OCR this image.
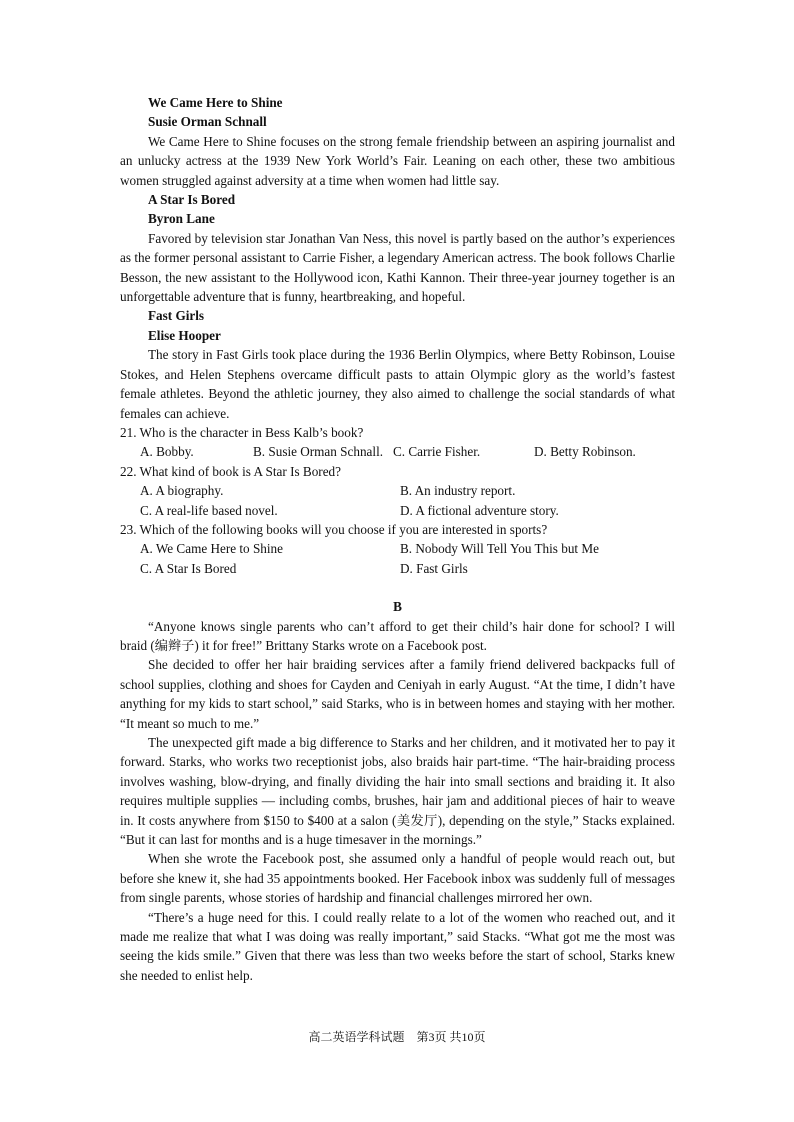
We Came Here to Shine
Susie Orman Schnall

We Came Here to Shine focuses on the strong female friendship between an aspiring journalist and an unlucky actress at the 1939 New York World’s Fair. Leaning on each other, these two ambitious women struggled against adversity at a time when women had little say.

A Star Is Bored
Byron Lane

Favored by television star Jonathan Van Ness, this novel is partly based on the author’s experiences as the former personal assistant to Carrie Fisher, a legendary American actress. The book follows Charlie Besson, the new assistant to the Hollywood icon, Kathi Kannon. Their three-year journey together is an unforgettable adventure that is funny, heartbreaking, and hopeful.

Fast Girls
Elise Hooper

The story in Fast Girls took place during the 1936 Berlin Olympics, where Betty Robinson, Louise Stokes, and Helen Stephens overcame difficult pasts to attain Olympic glory as the world’s fastest female athletes. Beyond the athletic journey, they also aimed to challenge the social standards of what females can achieve.

21. Who is the character in Bess Kalb’s book?

A. Bobby.	B. Susie Orman Schnall. C. Carrie Fisher.	D. Betty Robinson.

22. What kind of book is A Star Is Bored?

A. A biography.	B. An industry report.
C. A real-life based novel.	D. A fictional adventure story.

23. Which of the following books will you choose if you are interested in sports?

A. We Came Here to Shine	B. Nobody Will Tell You This but Me
C. A Star Is Bored	D. Fast Girls
B

“Anyone knows single parents who can’t afford to get their child’s hair done for school? I will braid (编辫子) it for free!” Brittany Starks wrote on a Facebook post.

She decided to offer her hair braiding services after a family friend delivered backpacks full of school supplies, clothing and shoes for Cayden and Ceniyah in early August. “At the time, I didn’t have anything for my kids to start school,” said Starks, who is in between homes and staying with her mother. “It meant so much to me.”

The unexpected gift made a big difference to Starks and her children, and it motivated her to pay it forward. Starks, who works two receptionist jobs, also braids hair part-time. “The hair-braiding process involves washing, blow-drying, and finally dividing the hair into small sections and braiding it. It also requires multiple supplies — including combs, brushes, hair jam and additional pieces of hair to weave in. It costs anywhere from $150 to $400 at a salon (美发厅), depending on the style,” Stacks explained. “But it can last for months and is a huge timesaver in the mornings.”

When she wrote the Facebook post, she assumed only a handful of people would reach out, but before she knew it, she had 35 appointments booked. Her Facebook inbox was suddenly full of messages from single parents, whose stories of hardship and financial challenges mirrored her own.

“There’s a huge need for this. I could really relate to a lot of the women who reached out, and it made me realize that what I was doing was really important,” said Stacks. “What got me the most was seeing the kids smile.” Given that there was less than two weeks before the start of school, Starks knew she needed to enlist help.

高二英语学科试题　第3页 共10页
